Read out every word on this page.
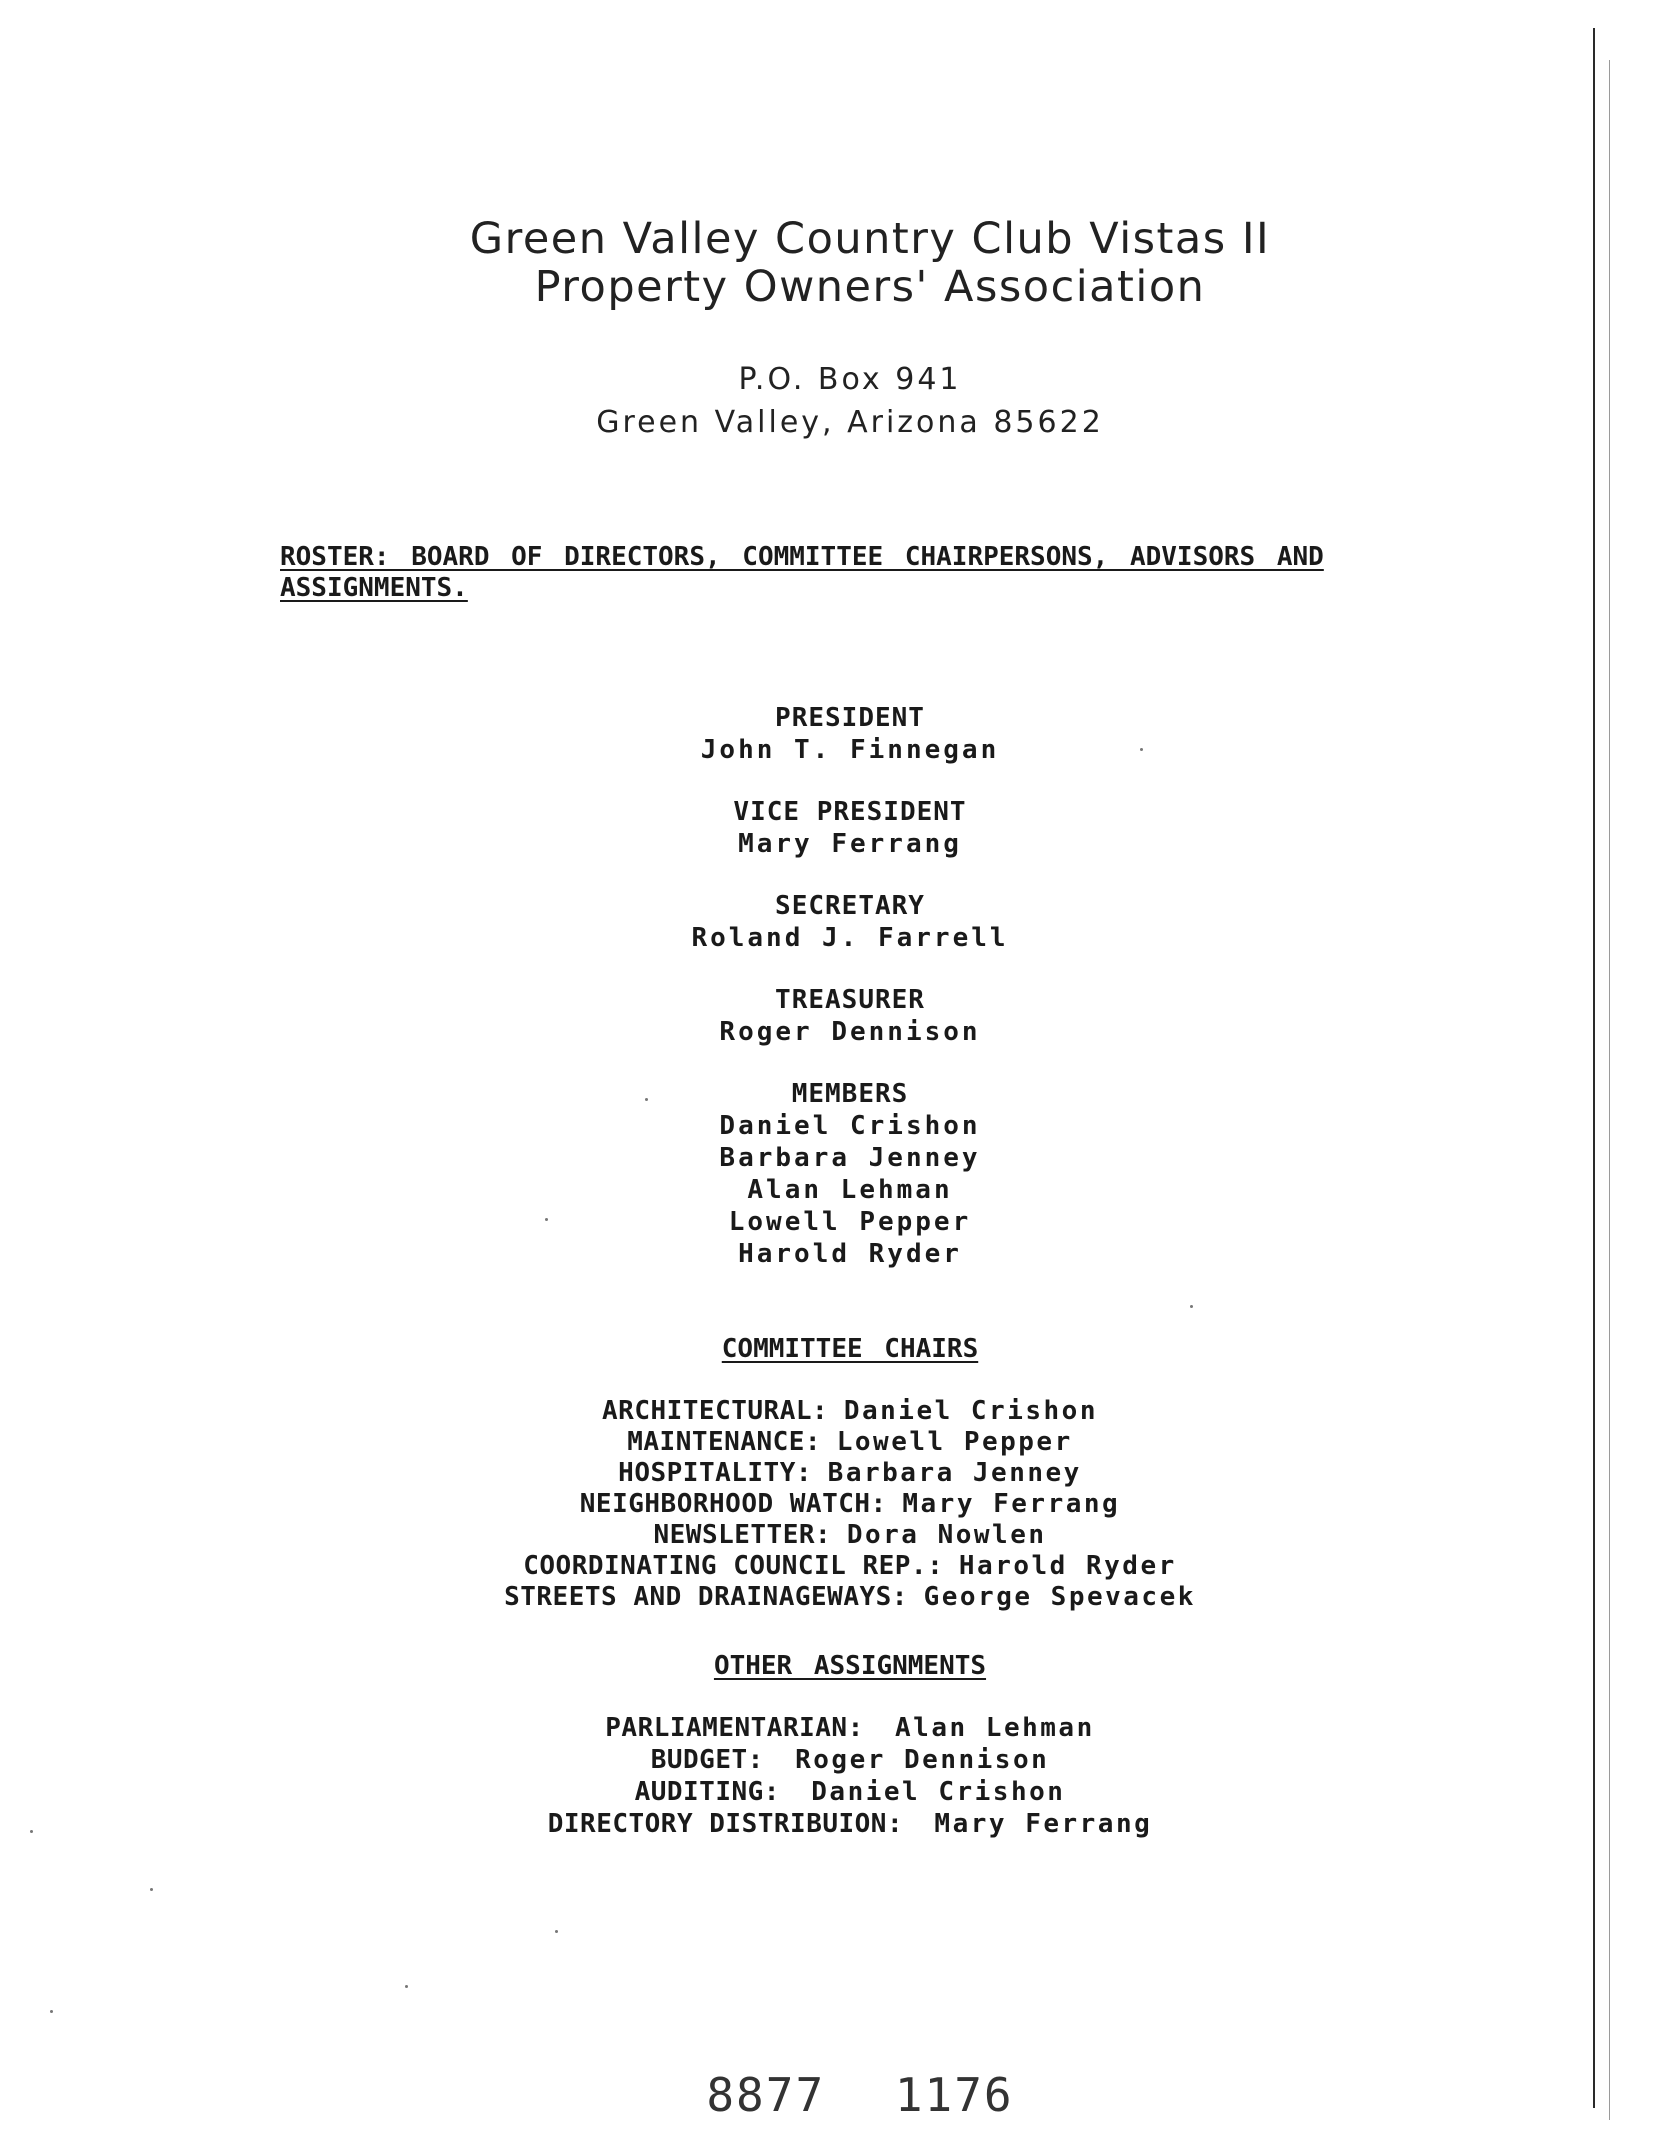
Green Valley Country Club Vistas II
Property Owners' Association
P.O. Box 941
Green Valley, Arizona 85622
ROSTER: BOARD OF DIRECTORS, COMMITTEE CHAIRPERSONS, ADVISORS AND ASSIGNMENTS.
PRESIDENT
John T. Finnegan
VICE PRESIDENT
Mary Ferrang
SECRETARY
Roland J. Farrell
TREASURER
Roger Dennison
MEMBERS
Daniel Crishon
Barbara Jenney
Alan Lehman
Lowell Pepper
Harold Ryder
COMMITTEE CHAIRS
ARCHITECTURAL: Daniel Crishon
MAINTENANCE: Lowell Pepper
HOSPITALITY: Barbara Jenney
NEIGHBORHOOD WATCH: Mary Ferrang
NEWSLETTER: Dora Nowlen
COORDINATING COUNCIL REP.: Harold Ryder
STREETS AND DRAINAGEWAYS: George Spevacek
OTHER ASSIGNMENTS
PARLIAMENTARIAN: Alan Lehman
BUDGET: Roger Dennison
AUDITING: Daniel Crishon
DIRECTORY DISTRIBUION: Mary Ferrang
8877 1176
